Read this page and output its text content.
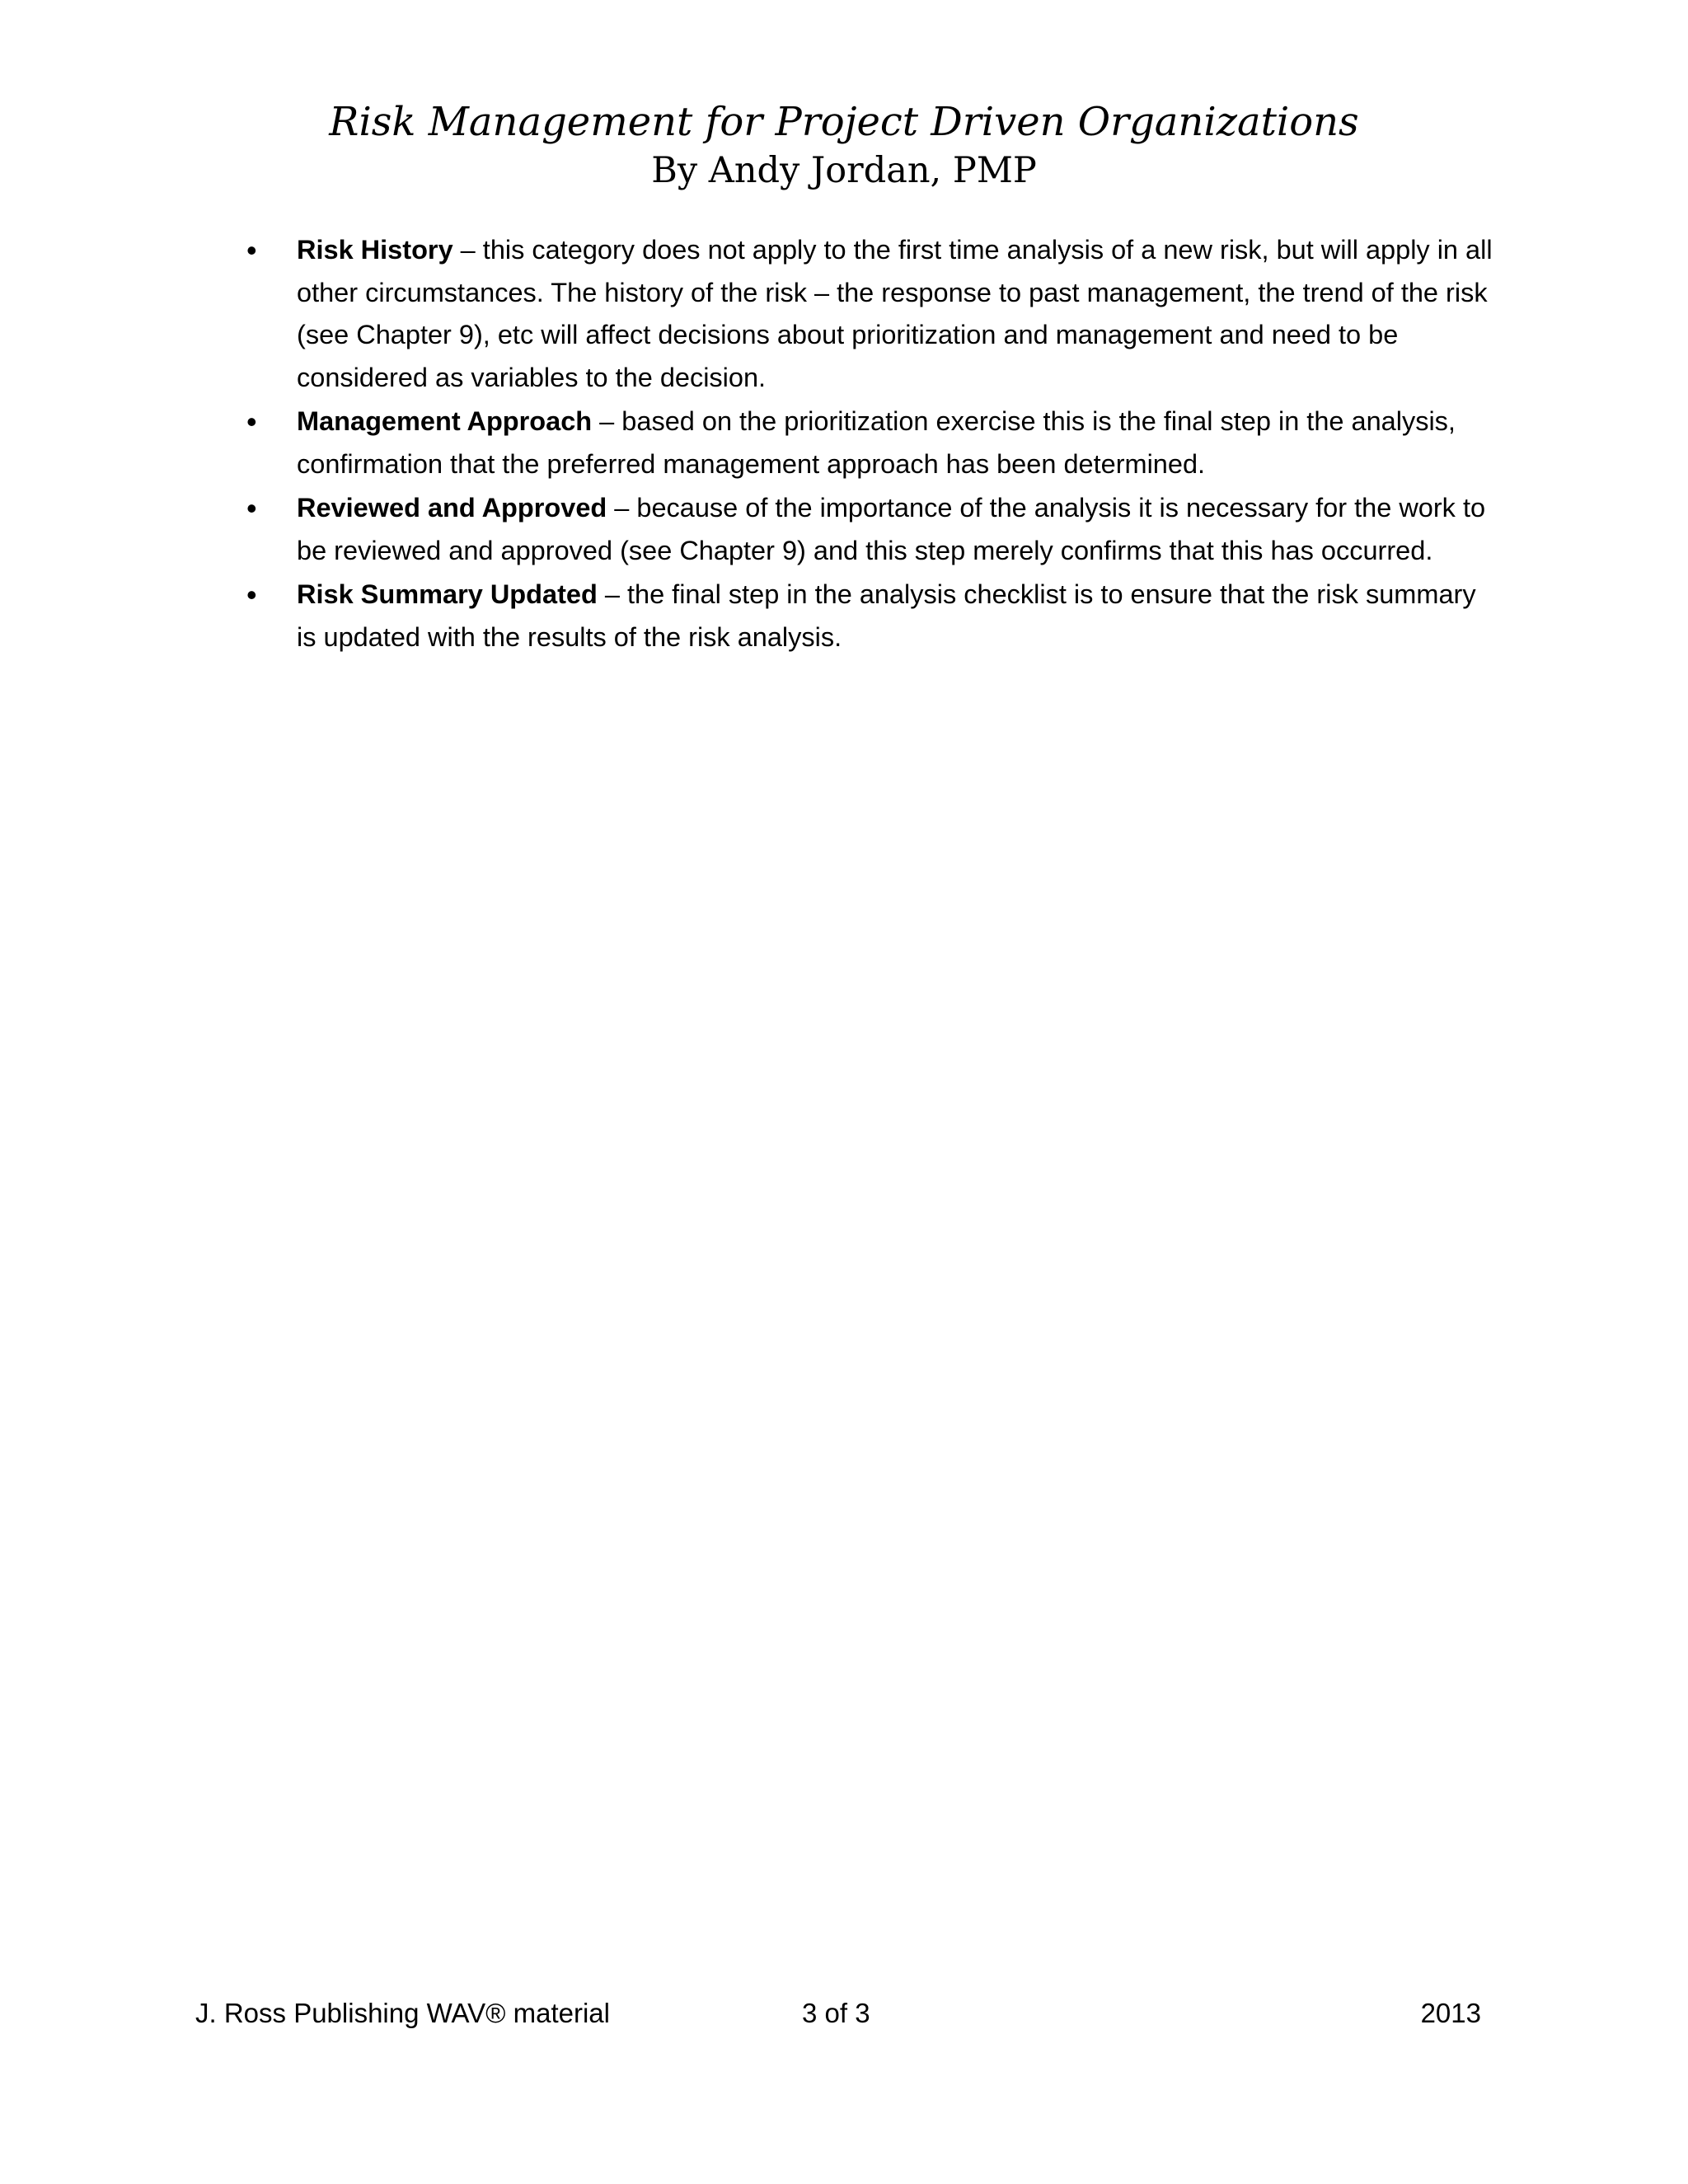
Risk Management for Project Driven Organizations

By Andy Jordan, PMP

• Risk History – this category does not apply to the first time analysis of a new risk, but will apply in all other circumstances. The history of the risk – the response to past management, the trend of the risk (see Chapter 9), etc will affect decisions about prioritization and management and need to be considered as variables to the decision.
• Management Approach – based on the prioritization exercise this is the final step in the analysis, confirmation that the preferred management approach has been determined.
• Reviewed and Approved – because of the importance of the analysis it is necessary for the work to be reviewed and approved (see Chapter 9) and this step merely confirms that this has occurred.
• Risk Summary Updated – the final step in the analysis checklist is to ensure that the risk summary is updated with the results of the risk analysis.
J. Ross Publishing WAV® material	3 of 3	2013
